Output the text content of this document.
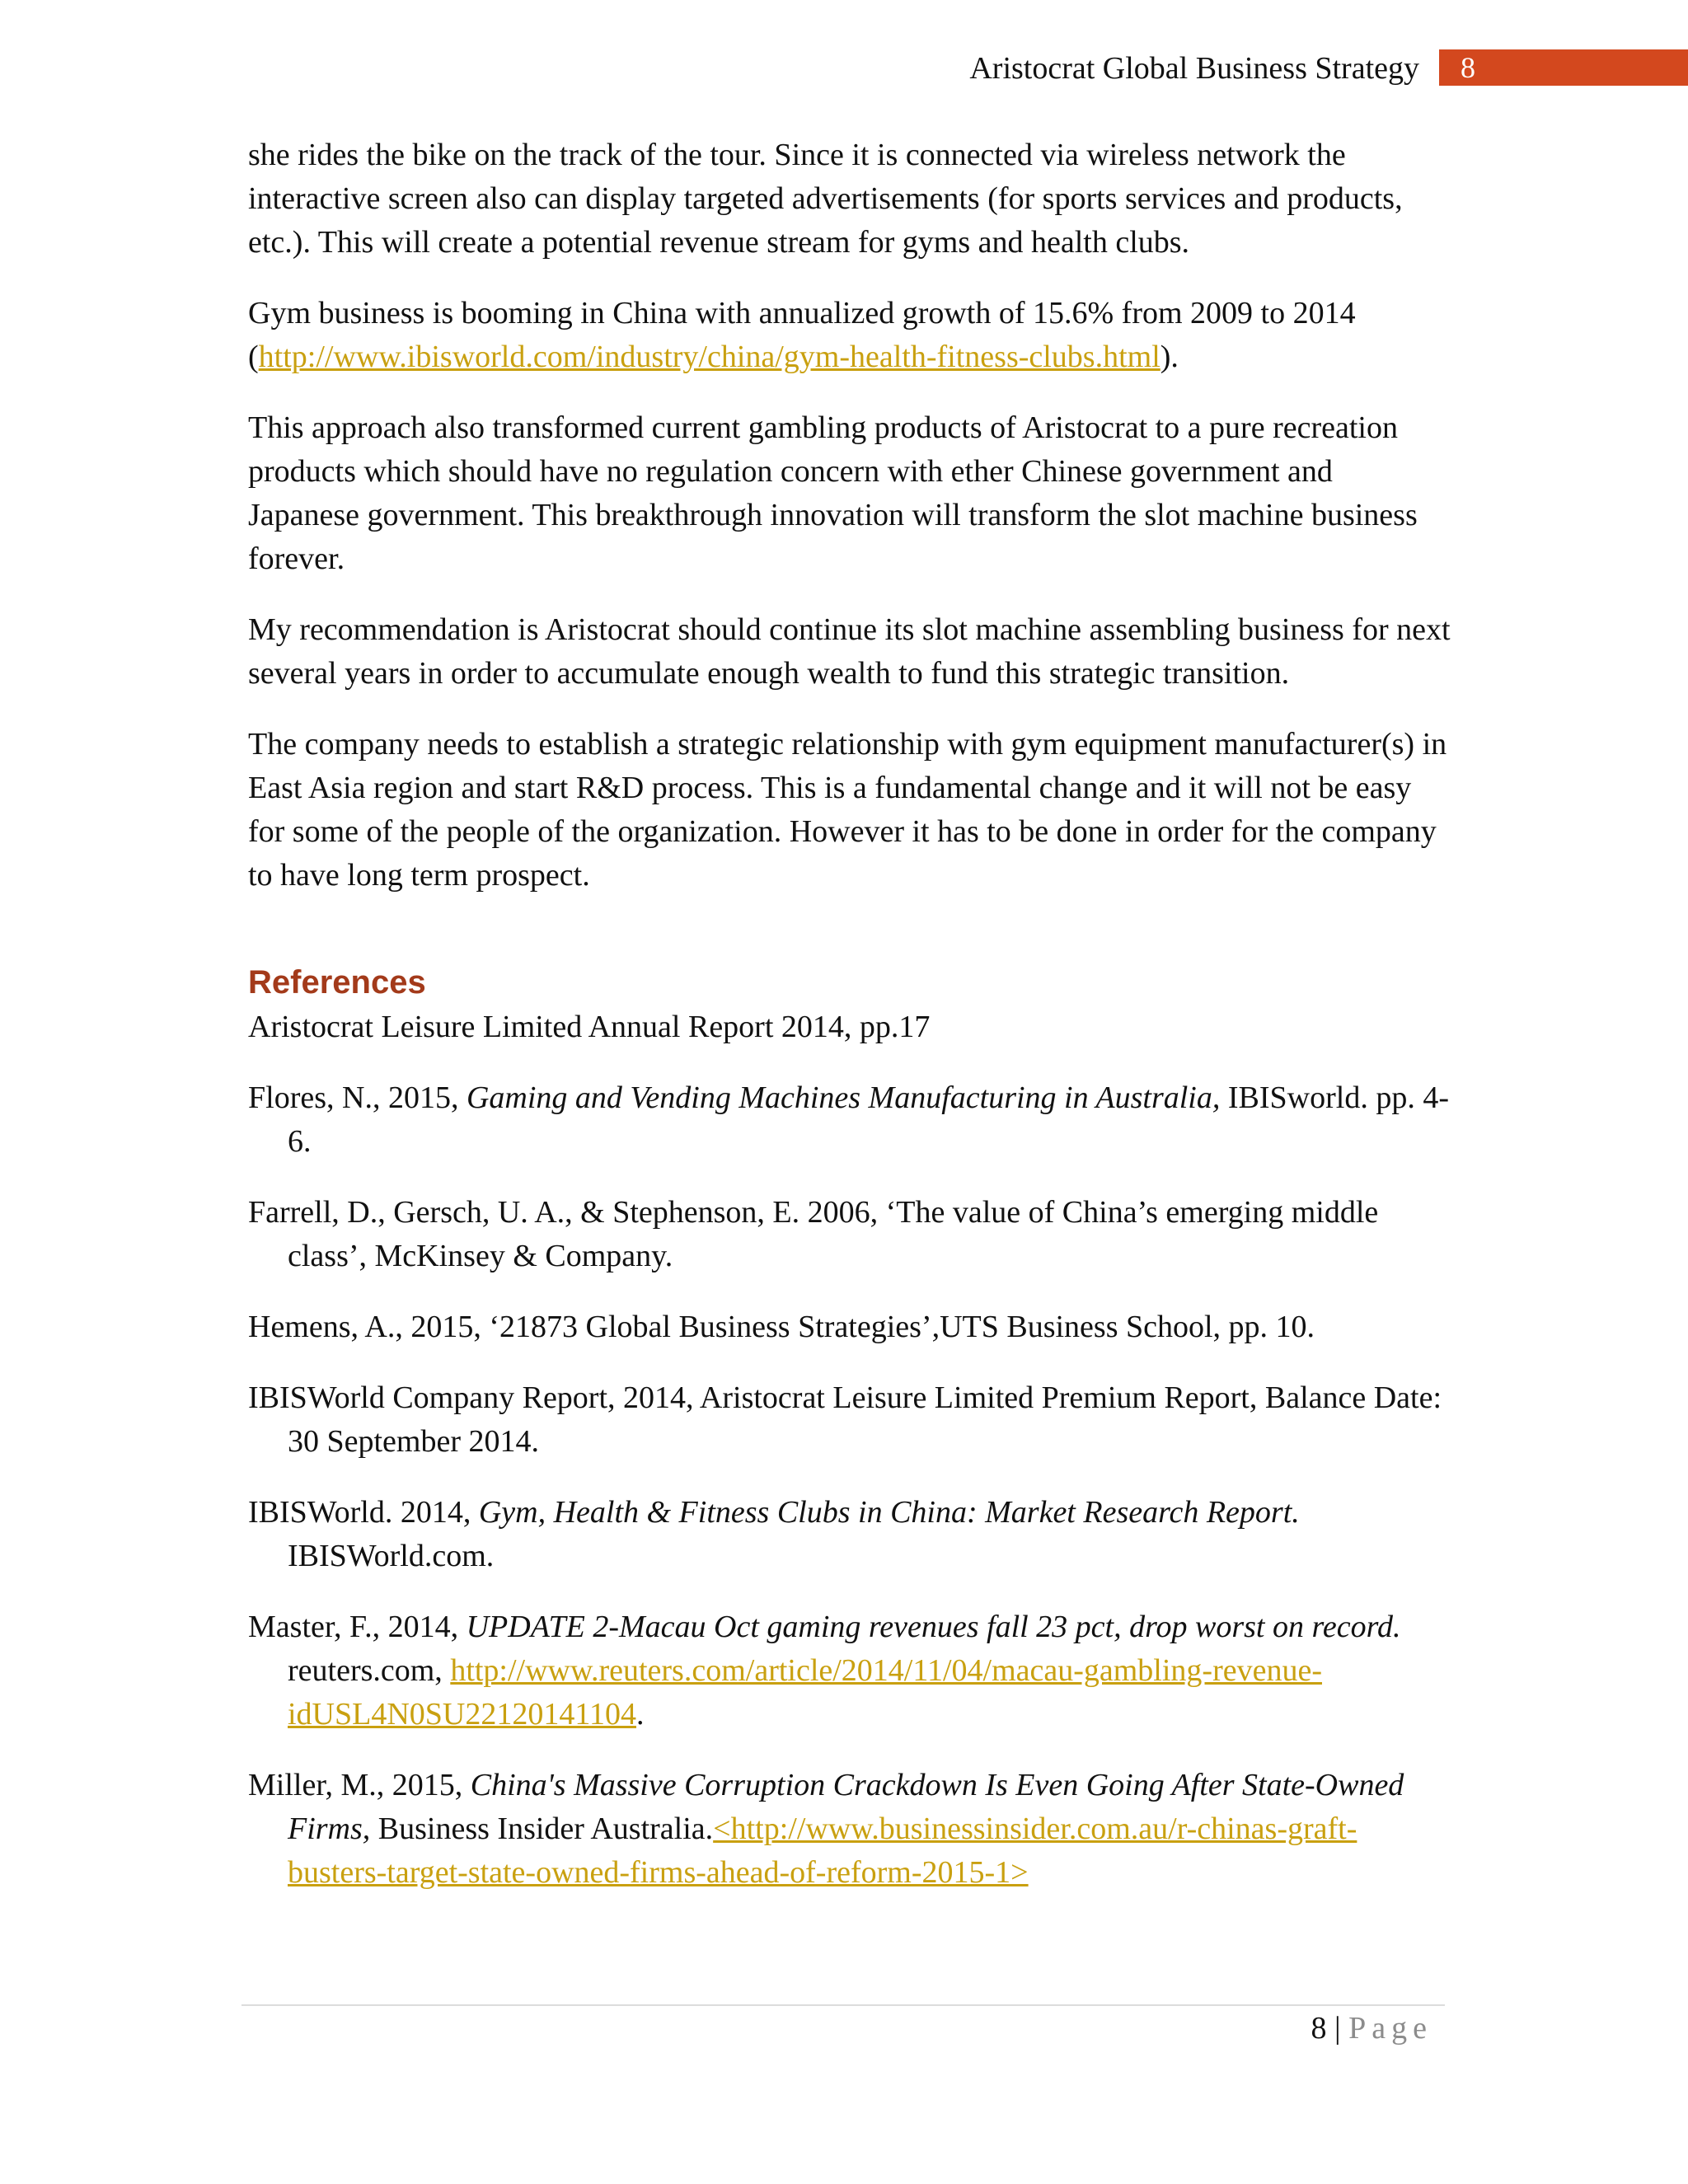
Aristocrat Global Business Strategy	8

she rides the bike on the track of the tour. Since it is connected via wireless network the interactive screen also can display targeted advertisements (for sports services and products, etc.). This will create a potential revenue stream for gyms and health clubs.

Gym business is booming in China with annualized growth of 15.6% from 2009 to 2014 (http://www.ibisworld.com/industry/china/gym-health-fitness-clubs.html).

This approach also transformed current gambling products of Aristocrat to a pure recreation products which should have no regulation concern with ether Chinese government and Japanese government. This breakthrough innovation will transform the slot machine business forever.

My recommendation is Aristocrat should continue its slot machine assembling business for next several years in order to accumulate enough wealth to fund this strategic transition.

The company needs to establish a strategic relationship with gym equipment manufacturer(s) in East Asia region and start R&D process. This is a fundamental change and it will not be easy for some of the people of the organization. However it has to be done in order for the company to have long term prospect.

References

Aristocrat Leisure Limited Annual Report 2014, pp.17

Flores, N., 2015, Gaming and Vending Machines Manufacturing in Australia, IBISworld. pp. 4-6.

Farrell, D., Gersch, U. A., & Stephenson, E. 2006, ‘The value of China’s emerging middle class’, McKinsey & Company.

Hemens, A., 2015, ‘21873 Global Business Strategies’,UTS Business School, pp. 10.

IBISWorld Company Report, 2014, Aristocrat Leisure Limited Premium Report, Balance Date: 30 September 2014.

IBISWorld. 2014, Gym, Health & Fitness Clubs in China: Market Research Report. IBISWorld.com.

Master, F., 2014, UPDATE 2-Macau Oct gaming revenues fall 23 pct, drop worst on record. reuters.com, http://www.reuters.com/article/2014/11/04/macau-gambling-revenue-idUSL4N0SU22120141104.

Miller, M., 2015, China's Massive Corruption Crackdown Is Even Going After State-Owned Firms, Business Insider Australia.<http://www.businessinsider.com.au/r-chinas-graft-busters-target-state-owned-firms-ahead-of-reform-2015-1>

8 | Page
